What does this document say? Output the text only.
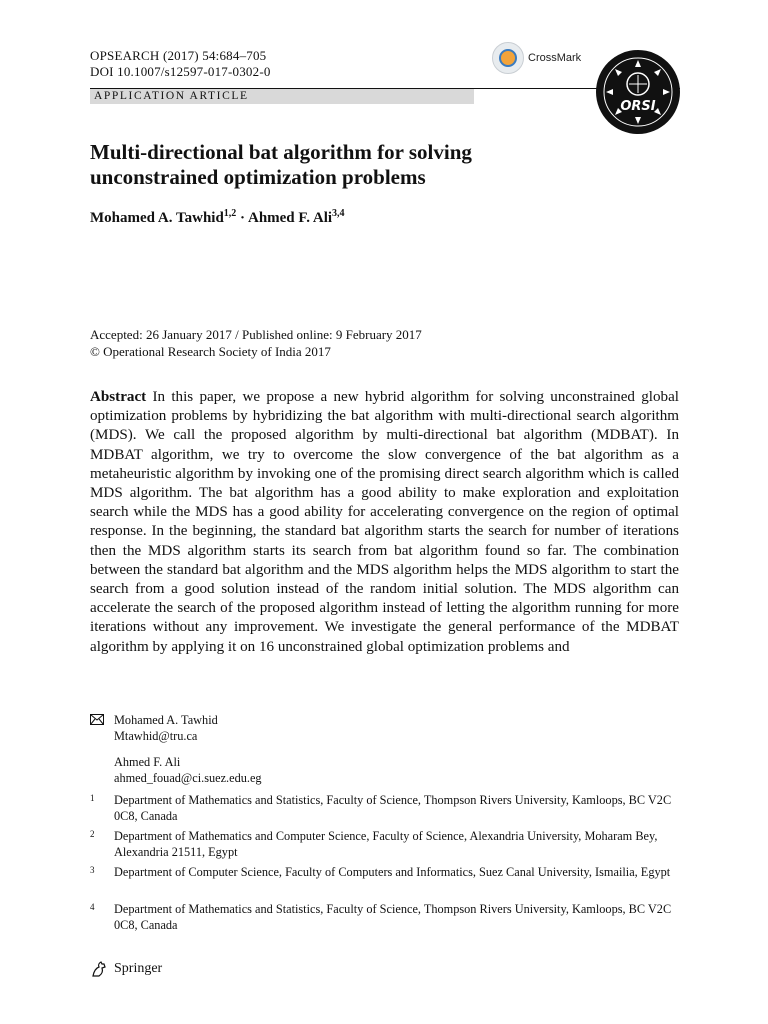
OPSEARCH (2017) 54:684–705
DOI 10.1007/s12597-017-0302-0
CrossMark
APPLICATION ARTICLE
ORSI
Multi-directional bat algorithm for solving unconstrained optimization problems
Mohamed A. Tawhid$^{1,2}$ · Ahmed F. Ali$^{3,4}$
Accepted: 26 January 2017 / Published online: 9 February 2017
© Operational Research Society of India 2017
Abstract In this paper, we propose a new hybrid algorithm for solving unconstrained global optimization problems by hybridizing the bat algorithm with multi-directional search algorithm (MDS). We call the proposed algorithm by multi-directional bat algorithm (MDBAT). In MDBAT algorithm, we try to overcome the slow convergence of the bat algorithm as a metaheuristic algorithm by invoking one of the promising direct search algorithm which is called MDS algorithm. The bat algorithm has a good ability to make exploration and exploitation search while the MDS has a good ability for accelerating convergence on the region of optimal response. In the beginning, the standard bat algorithm starts the search for number of iterations then the MDS algorithm starts its search from bat algorithm found so far. The combination between the standard bat algorithm and the MDS algorithm helps the MDS algorithm to start the search from a good solution instead of the random initial solution. The MDS algorithm can accelerate the search of the proposed algorithm instead of letting the algorithm running for more iterations without any improvement. We investigate the general performance of the MDBAT algorithm by applying it on 16 unconstrained global optimization problems and
Mohamed A. Tawhid
Mtawhid@tru.ca
Ahmed F. Ali
ahmed_fouad@ci.suez.edu.eg
1	Department of Mathematics and Statistics, Faculty of Science, Thompson Rivers University, Kamloops, BC V2C 0C8, Canada
2	Department of Mathematics and Computer Science, Faculty of Science, Alexandria University, Moharam Bey, Alexandria 21511, Egypt
3	Department of Computer Science, Faculty of Computers and Informatics, Suez Canal University, Ismailia, Egypt
4	Department of Mathematics and Statistics, Faculty of Science, Thompson Rivers University, Kamloops, BC V2C 0C8, Canada
Springer
